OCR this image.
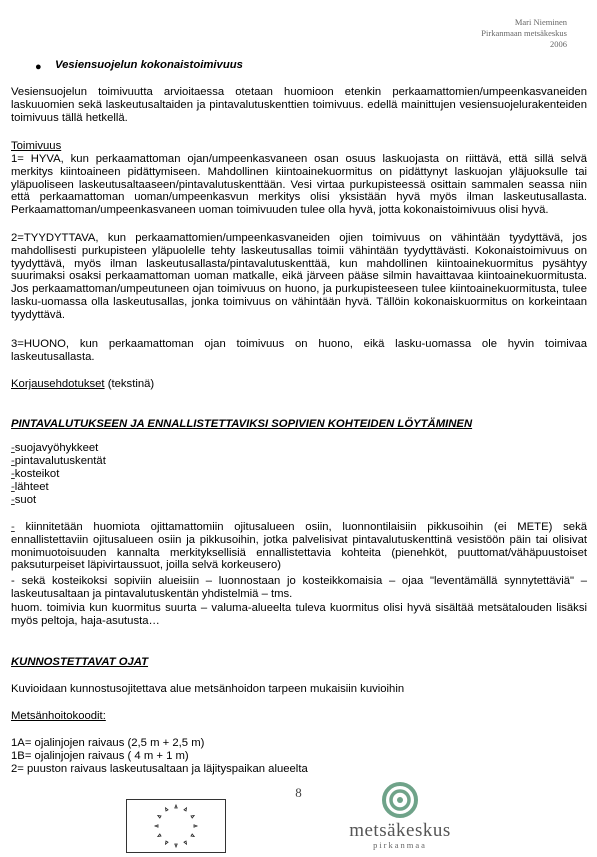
Mari Nieminen
Pirkanmaan metsäkeskus
2006
● Vesiensuojelun kokonaistoimivuus

Vesiensuojelun toimivuutta arvioitaessa otetaan huomioon etenkin perkaamattomien/umpeenkasvaneiden laskuuomien sekä laskeutusaltaiden ja pintavalutuskenttien toimivuus. edellä mainittujen vesiensuojelurakenteiden toimivuus tällä hetkellä.

Toimivuus

1= HYVA, kun perkaamattoman ojan/umpeenkasvaneen osan osuus laskuojasta on riittävä, että sillä selvä merkitys kiintoaineen pidättymiseen. Mahdollinen kiintoainekuormitus on pidättynyt laskuojan yläjuoksulle tai yläpuoliseen laskeutusaltaaseen/pintavalutuskenttään. Vesi virtaa purkupisteessä osittain sammalen seassa niin että perkaamattoman uoman/umpeenkasvun merkitys olisi yksistään hyvä myös ilman laskeutusallasta. Perkaamattoman/umpeenkasvaneen uoman toimivuuden tulee olla hyvä, jotta kokonaistoimivuus olisi hyvä.

2=TYYDYTTAVA, kun perkaamattomien/umpeenkasvaneiden ojien toimivuus on vähintään tyydyttävä, jos mahdollisesti purkupisteen yläpuolelle tehty laskeutusallas toimii vähintään tyydyttävästi. Kokonaistoimivuus on tyydyttävä, myös ilman laskeutusallasta/pintavalutuskenttää, kun mahdollinen kiintoainekuormitus pysähtyy suurimaksi osaksi perkaamattoman uoman matkalle, eikä järveen pääse silmin havaittavaa kiintoainekuormitusta. Jos perkaamattoman/umpeutuneen ojan toimivuus on huono, ja purkupisteeseen tulee kiintoainekuormitusta, tulee lasku-uomassa olla laskeutusallas, jonka toimivuus on vähintään hyvä. Tällöin kokonaiskuormitus on korkeintaan tyydyttävä.

3=HUONO, kun perkaamattoman ojan toimivuus on huono, eikä lasku-uomassa ole hyvin toimivaa laskeutusallasta.

Korjausehdotukset (tekstinä)

PINTAVALUTUKSEEN JA ENNALLISTETTAVIKSI SOPIVIEN KOHTEIDEN LÖYTÄMINEN

-suojavyöhykkeet
-pintavalutuskentät
-kosteikot
-lähteet
-suot

- kiinnitetään huomiota ojittamattomiin ojitusalueen osiin, luonnontilaisiin pikkusoihin (ei METE) sekä ennallistettaviin ojitusalueen osiin ja pikkusoihin, jotka palvelisivat pintavalutuskenttinä vesistöön päin tai olisivat monimuotoisuuden kannalta merkityksellisiä ennallistettavia kohteita (pienehköt, puuttomat/vähäpuustoiset paksuturpeiset läpivirtaussuot, joilla selvä korkeusero)

- sekä kosteikoksi sopiviin alueisiin – luonnostaan jo kosteikkomaisia – ojaa "leventämällä synnytettäviä" – laskeutusaltaan ja pintavalutuskentän yhdistelmiä – tms.

huom. toimivia kun kuormitus suurta – valuma-alueelta tuleva kuormitus olisi hyvä sisältää metsätalouden lisäksi myös peltoja, haja-asutusta…

KUNNOSTETTAVAT OJAT

Kuvioidaan kunnostusojitettava alue metsänhoidon tarpeen mukaisiin kuvioihin

Metsänhoitokoodit:

1A= ojalinjojen raivaus (2,5 m + 2,5 m)

1B= ojalinjojen raivaus ( 4 m + 1 m)

2= puuston raivaus laskeutusaltaan ja läjityspaikan alueelta

8
metsäkeskus
pirkanmaa
